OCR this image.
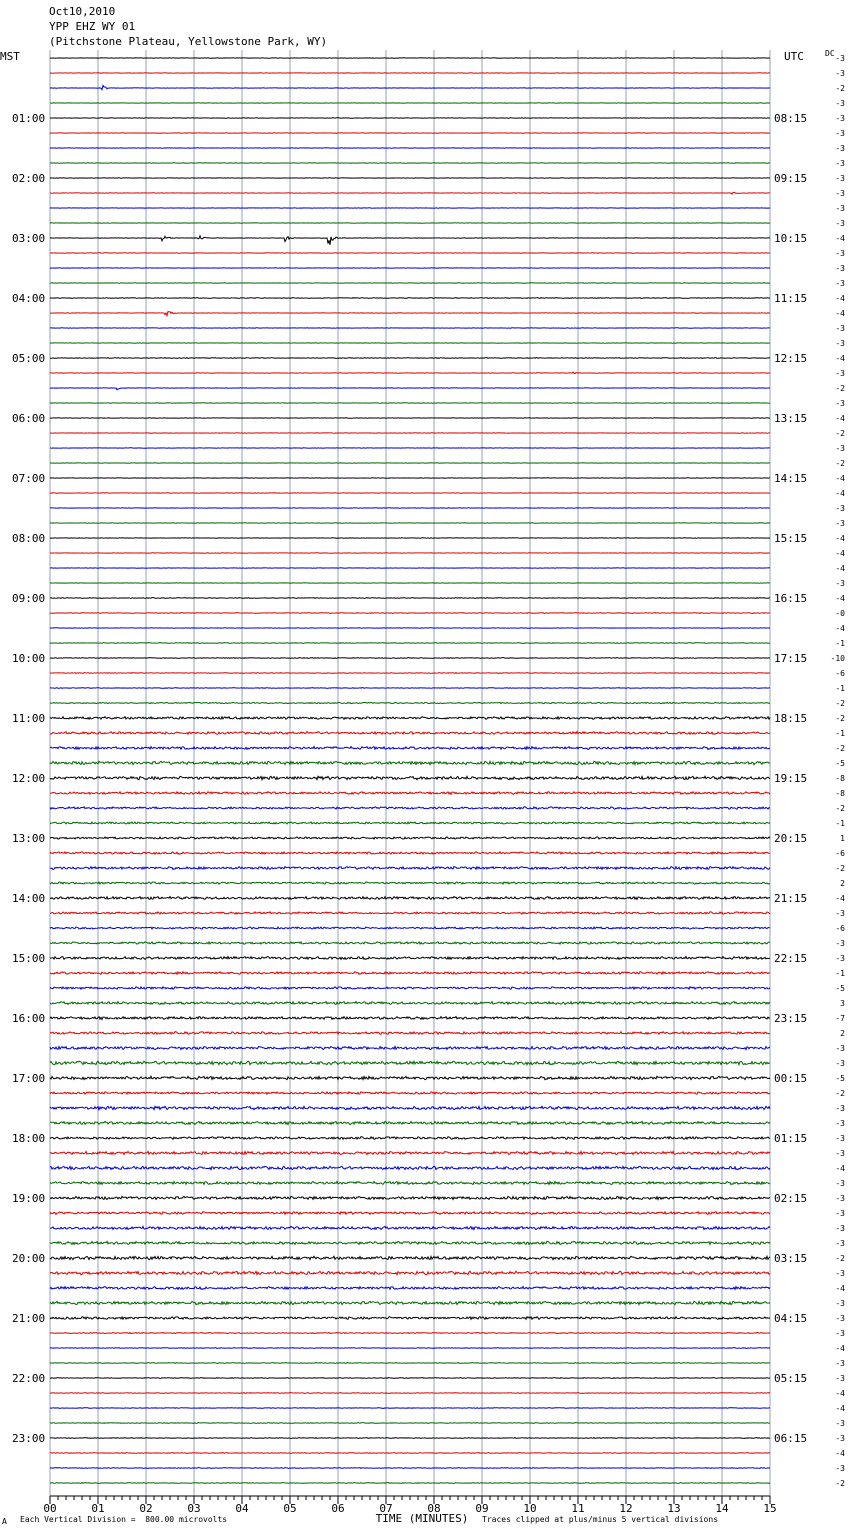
Oct10,2010
YPP EHZ WY 01
(Pitchstone Plateau, Yellowstone Park, WY)
-3
-3
-2
-3
-3
-3
-3
-3
-3
-3
-3
-3
-4
-3
-3
-3
-4
-4
-3
-3
-4
-3
-2
-3
-4
-2
-3
-2
-4
-4
-3
-3
-4
-4
-4
-3
-4
-0
-4
-1
-10
-6
-1
-2
-2
-1
-2
-5
-8
-8
-2
-1
1
-6
-2
2
-4
-3
-6
-3
-3
-1
-5
3
-7
2
-3
-3
-5
-2
-3
-3
-3
-3
-4
-3
-3
-3
-3
-3
-2
-3
-4
-3
-3
-3
-4
-3
-3
-4
-4
-3
-3
-4
-3
-2
MST	UTC	DC
01:00	08:15
02:00	09:15
03:00	10:15
04:00	11:15
05:00	12:15
06:00	13:15
07:00	14:15
08:00	15:15
09:00	16:15
10:00	17:15
11:00	18:15
12:00	19:15
13:00	20:15
14:00	21:15
15:00	22:15
16:00	23:15
17:00	00:15
18:00	01:15
19:00	02:15
20:00	03:15
21:00	04:15
22:00	05:15
23:00	06:15
00	01	02	03	04	05	06	07	08	09	10	11	12	13	14	15
TIME (MINUTES)
A Each Vertical Division =  800.00 microvolts	Traces clipped at plus/minus 5 vertical divisions
